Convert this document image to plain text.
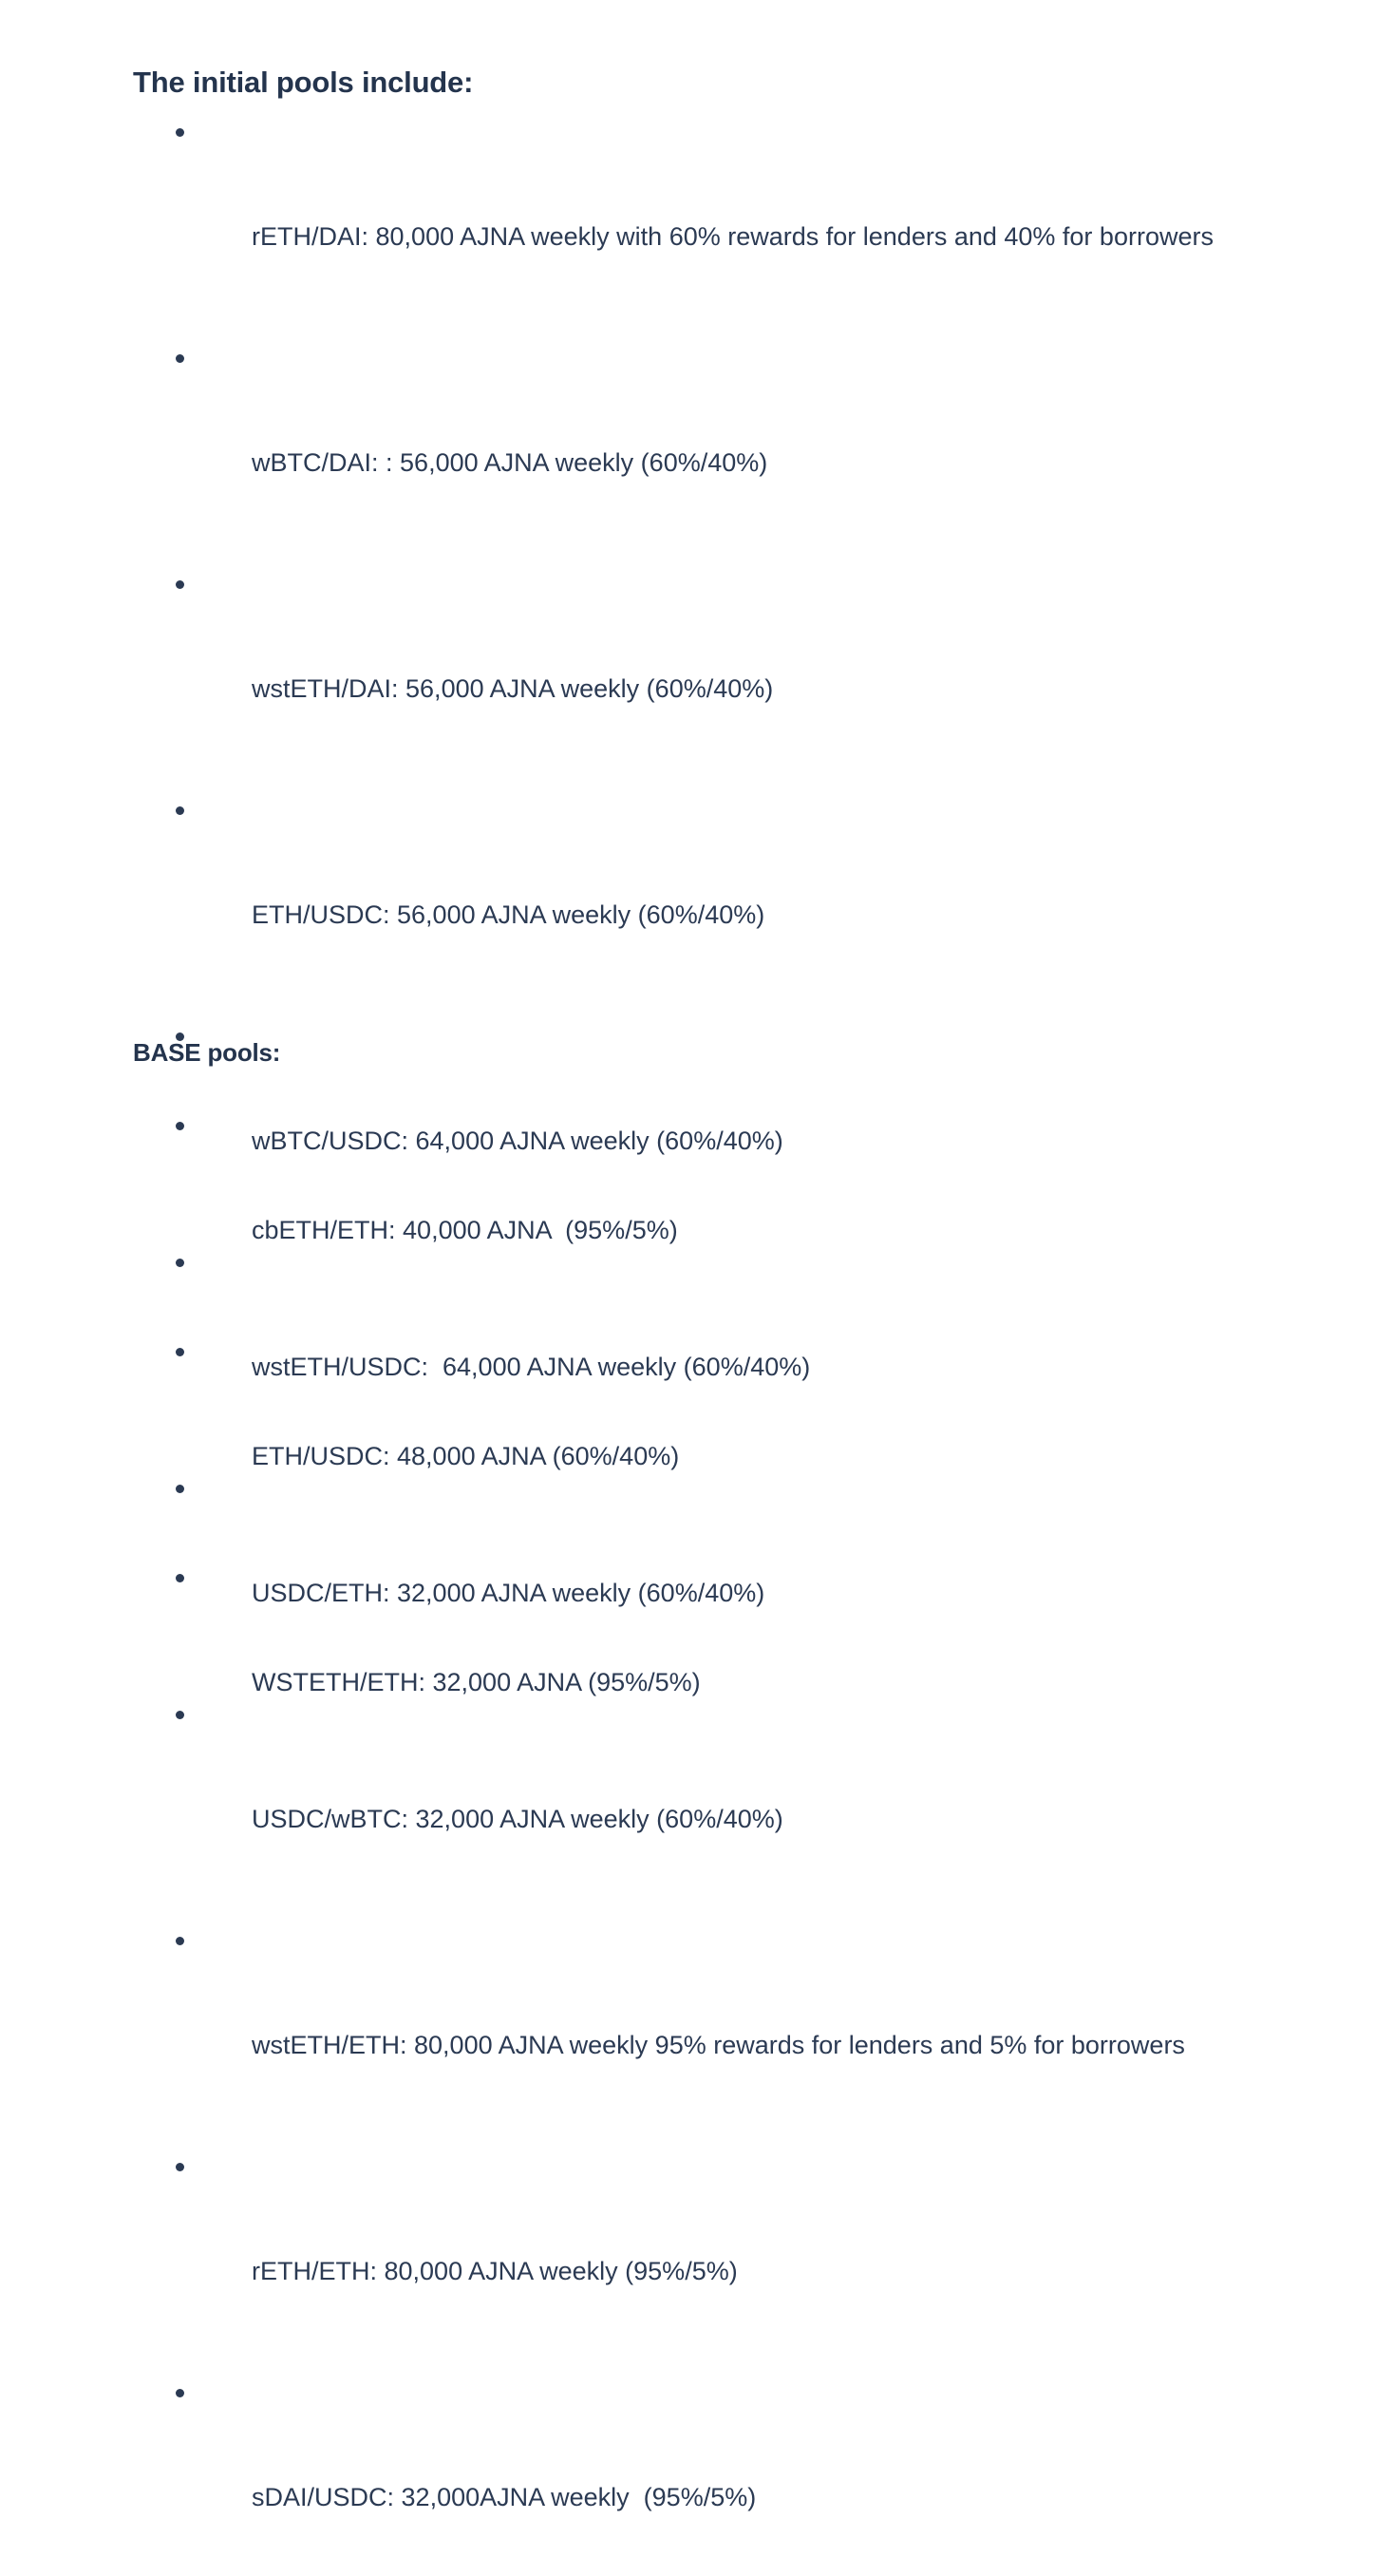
The initial pools include:

rETH/DAI: 80,000 AJNA weekly with 60% rewards for lenders and 40% for borrowers

wBTC/DAI: : 56,000 AJNA weekly (60%/40%)

wstETH/DAI: 56,000 AJNA weekly (60%/40%)

ETH/USDC: 56,000 AJNA weekly (60%/40%)

wBTC/USDC: 64,000 AJNA weekly (60%/40%)

wstETH/USDC:  64,000 AJNA weekly (60%/40%)

USDC/ETH: 32,000 AJNA weekly (60%/40%)

USDC/wBTC: 32,000 AJNA weekly (60%/40%)

wstETH/ETH: 80,000 AJNA weekly 95% rewards for lenders and 5% for borrowers

rETH/ETH: 80,000 AJNA weekly (95%/5%)

sDAI/USDC: 32,000AJNA weekly  (95%/5%)

BASE pools:

cbETH/ETH: 40,000 AJNA  (95%/5%)

ETH/USDC: 48,000 AJNA (60%/40%)

WSTETH/ETH: 32,000 AJNA (95%/5%)
